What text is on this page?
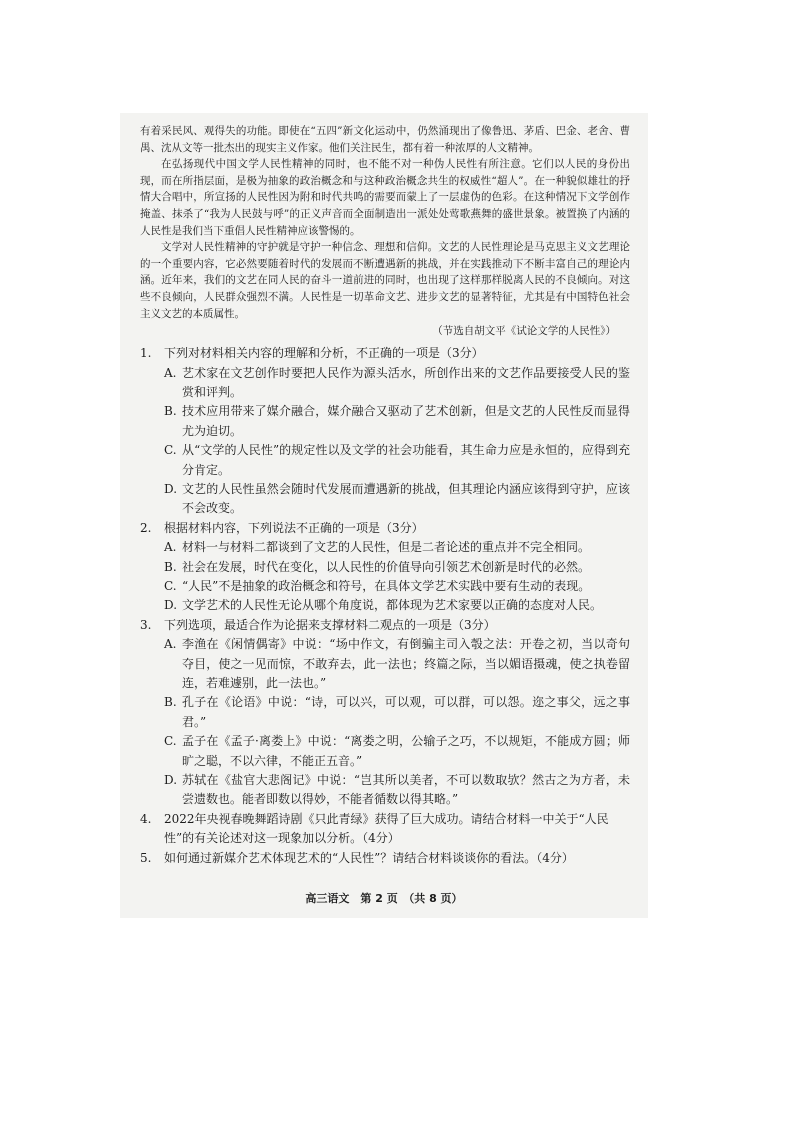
有着采民风、观得失的功能。即使在“五四”新文化运动中，仍然涌现出了像鲁迅、茅盾、巴金、老舍、曹禺、沈从文等一批杰出的现实主义作家。他们关注民生，都有着一种浓厚的人文精神。

在弘扬现代中国文学人民性精神的同时，也不能不对一种伪人民性有所注意。它们以人民的身份出现，而在所指层面，是极为抽象的政治概念和与这种政治概念共生的权威性“超人”。在一种貌似雄壮的抒情大合唱中，所宣扬的人民性因为附和时代共鸣的需要而蒙上了一层虚伪的色彩。在这种情况下文学创作掩盖、抹杀了“我为人民鼓与呼”的正义声音而全面制造出一派处处莺歌燕舞的盛世景象。被置换了内涵的人民性是我们当下重倡人民性精神应该警惕的。

文学对人民性精神的守护就是守护一种信念、理想和信仰。文艺的人民性理论是马克思主义文艺理论的一个重要内容，它必然要随着时代的发展而不断遭遇新的挑战，并在实践推动下不断丰富自己的理论内涵。近年来，我们的文艺在同人民的奋斗一道前进的同时，也出现了这样那样脱离人民的不良倾向。对这些不良倾向，人民群众强烈不满。人民性是一切革命文艺、进步文艺的显著特征，尤其是有中国特色社会主义文艺的本质属性。

（节选自胡文平《试论文学的人民性》）
1.	下列对材料相关内容的理解和分析，不正确的一项是（3分）
A. 艺术家在文艺创作时要把人民作为源头活水，所创作出来的文艺作品要接受人民的鉴赏和评判。
B. 技术应用带来了媒介融合，媒介融合又驱动了艺术创新，但是文艺的人民性反而显得尤为迫切。
C. 从“文学的人民性”的规定性以及文学的社会功能看，其生命力应是永恒的，应得到充分肯定。
D. 文艺的人民性虽然会随时代发展而遭遇新的挑战，但其理论内涵应该得到守护，应该不会改变。
2.	根据材料内容，下列说法不正确的一项是（3分）
A. 材料一与材料二都谈到了文艺的人民性，但是二者论述的重点并不完全相同。
B. 社会在发展，时代在变化，以人民性的价值导向引领艺术创新是时代的必然。
C. “人民”不是抽象的政治概念和符号，在具体文学艺术实践中要有生动的表现。
D. 文学艺术的人民性无论从哪个角度说，都体现为艺术家要以正确的态度对人民。
3.	下列选项，最适合作为论据来支撑材料二观点的一项是（3分）
A. 李渔在《闲情偶寄》中说：“场中作文，有倒骗主司入彀之法：开卷之初，当以奇句夺目，使之一见而惊，不敢弃去，此一法也；终篇之际，当以媚语摄魂，使之执卷留连，若难遽别，此一法也。”
B. 孔子在《论语》中说：“诗，可以兴，可以观，可以群，可以怨。迩之事父，远之事君。”
C. 孟子在《孟子·离娄上》中说：“离娄之明，公输子之巧，不以规矩，不能成方圆；师旷之聪，不以六律，不能正五音。”
D. 苏轼在《盐官大悲阁记》中说：“岂其所以美者，不可以数取欤？然古之为方者，未尝遗数也。能者即数以得妙，不能者循数以得其略。”
4.	2022年央视春晚舞蹈诗剧《只此青绿》获得了巨大成功。请结合材料一中关于“人民性”的有关论述对这一现象加以分析。（4分）
5.	如何通过新媒介艺术体现艺术的“人民性”？请结合材料谈谈你的看法。（4分）
高三语文　第 2 页　（共 8 页）
